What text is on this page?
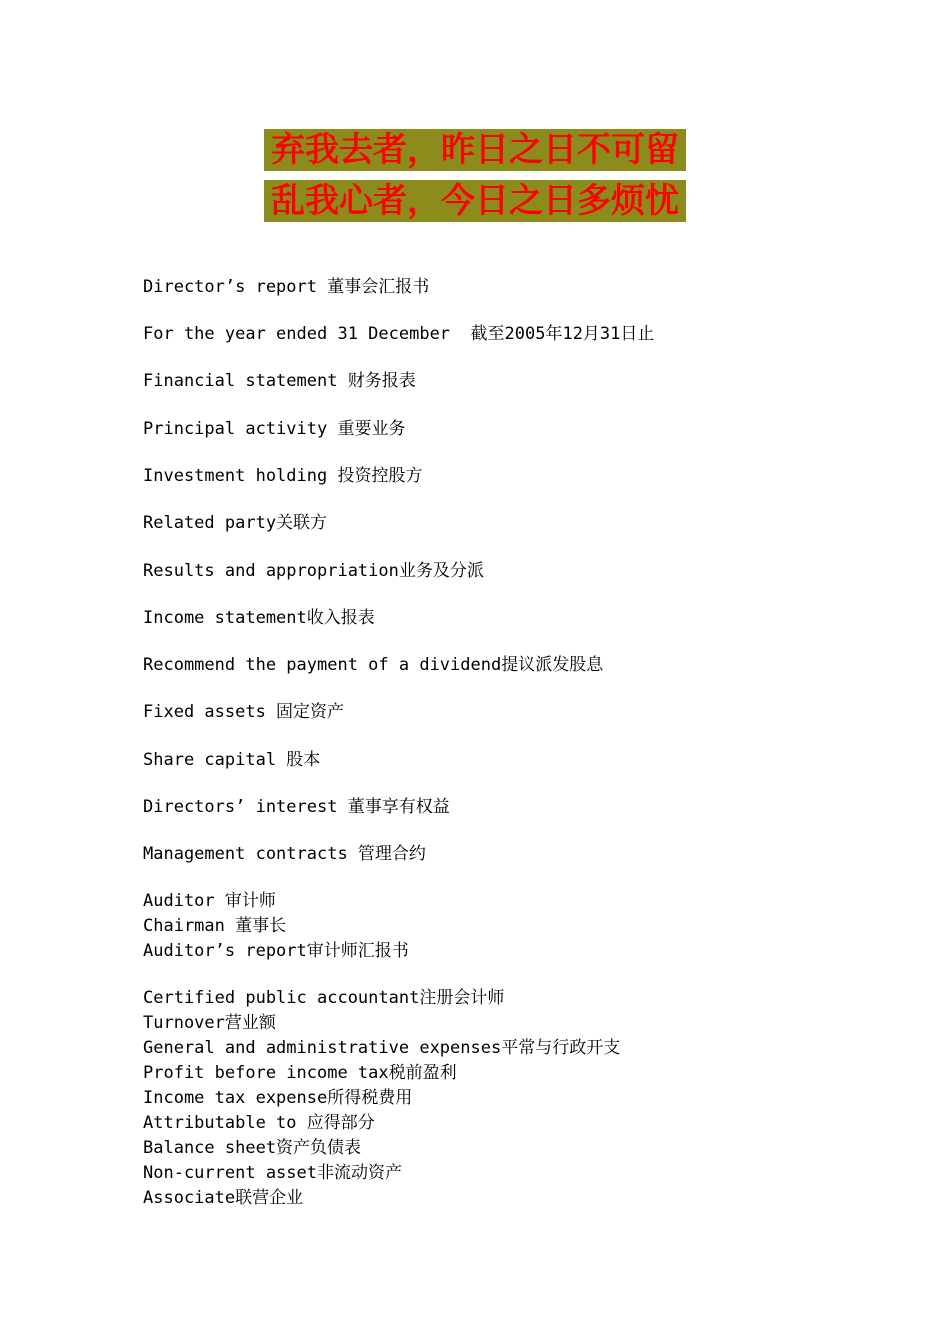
弃我去者，昨日之日不可留
乱我心者，今日之日多烦忧
Director’s report 董事会汇报书
For the year ended 31 December  截至2005年12月31日止
Financial statement 财务报表
Principal activity 重要业务
Investment holding 投资控股方
Related party关联方
Results and appropriation业务及分派
Income statement收入报表
Recommend the payment of a dividend提议派发股息
Fixed assets 固定资产
Share capital 股本
Directors’ interest 董事享有权益
Management contracts 管理合约
Auditor 审计师
Chairman 董事长
Auditor’s report审计师汇报书
Certified public accountant注册会计师
Turnover营业额
General and administrative expenses平常与行政开支
Profit before income tax税前盈利
Income tax expense所得税费用
Attributable to 应得部分
Balance sheet资产负债表
Non-current asset非流动资产
Associate联营企业
